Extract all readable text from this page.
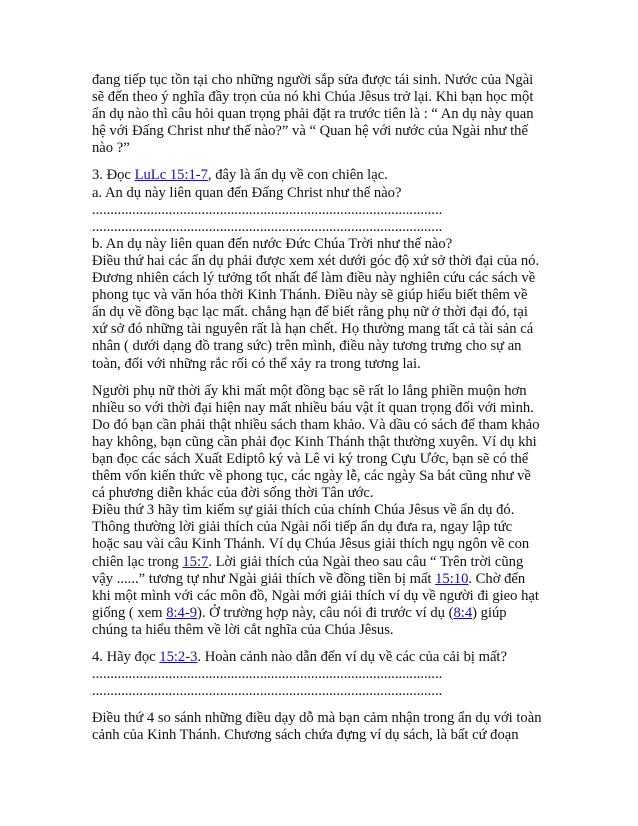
đang tiếp tục tồn tại cho những người sắp sửa được tái sinh. Nước của Ngài
sẽ đến theo ý nghĩa đầy trọn của nó khi Chúa Jêsus trở lại. Khi bạn học một
ẩn dụ nào thì câu hỏi quan trọng phải đặt ra trước tiên là : “ An dụ này quan
hệ với Đấng Christ như thế nào?” và “ Quan hệ với nước của Ngài như thế
nào ?”
3. Đọc LuLc 15:1-7, đây là ẩn dụ về con chiên lạc.
a. An dụ này liên quan đến Đấng Christ như thế nào?
................................................................................................
................................................................................................
b. An dụ này liên quan đến nước Đức Chúa Trời như thế nào?
Điều thứ hai các ẩn dụ phải được xem xét dưới góc độ xứ sở thời đại của nó.
Đương nhiên cách lý tưởng tốt nhất để làm điều này nghiên cứu các sách về
phong tục và văn hóa thời Kinh Thánh. Điều này sẽ giúp hiểu biết thêm về
ẩn dụ về đồng bạc lạc mất. chẳng hạn để biết rằng phụ nữ ở thời đại đó, tại
xứ sở đó những tài nguyên rất là hạn chết. Họ thường mang tất cả tài sản cá
nhân ( dưới dạng đồ trang sức) trên mình, điều này tương trưng cho sự an
toàn, đối với những rắc rối có thể xảy ra trong tương lai.
Người phụ nữ thời ấy khi mất một đồng bạc sẽ rất lo lắng phiền muộn hơn
nhiều so với thời đại hiện nay mất nhiều báu vật ít quan trọng đối với mình.
Do đó bạn cần phải thật nhiều sách tham khảo. Và dầu có sách để tham khảo
hay không, bạn cũng cần phải đọc Kinh Thánh thật thường xuyên. Ví dụ khi
bạn đọc các sách Xuất Ediptô ký và Lê vi ký trong Cựu Ước, bạn sẽ có thể
thêm vốn kiến thức về phong tục, các ngày lễ, các ngày Sa bát cũng như về
cá phương diễn khác của đời sống thời Tân ước.
Điều thứ 3 hãy tìm kiếm sự giải thích của chính Chúa Jêsus về ẩn dụ đó.
Thông thường lời giải thích của Ngài nối tiếp ẩn dụ đưa ra, ngay lập tức
hoặc sau vài câu Kinh Thánh. Ví dụ Chúa Jêsus giải thích ngụ ngôn về con
chiên lạc trong 15:7. Lời giải thích của Ngài theo sau câu “ Trên trời cũng
vậy ......” tương tự như Ngài giải thích về đồng tiền bị mất 15:10. Chờ đến
khi một mình với các môn đồ, Ngài mới giải thích ví dụ về người đi gieo hạt
giống ( xem 8:4-9). Ở trường hợp này, câu nói đi trước ví dụ (8:4) giúp
chúng ta hiểu thêm về lời cắt nghĩa của Chúa Jêsus.
4. Hãy đọc 15:2-3. Hoàn cảnh nào dẫn đến ví dụ về các của cải bị mất?
................................................................................................
................................................................................................
Điều thứ 4 so sánh những điều dạy dỗ mà bạn cảm nhận trong ẩn dụ với toàn
cảnh của Kinh Thánh. Chương sách chứa đựng ví dụ sách, là bất cứ đoạn
